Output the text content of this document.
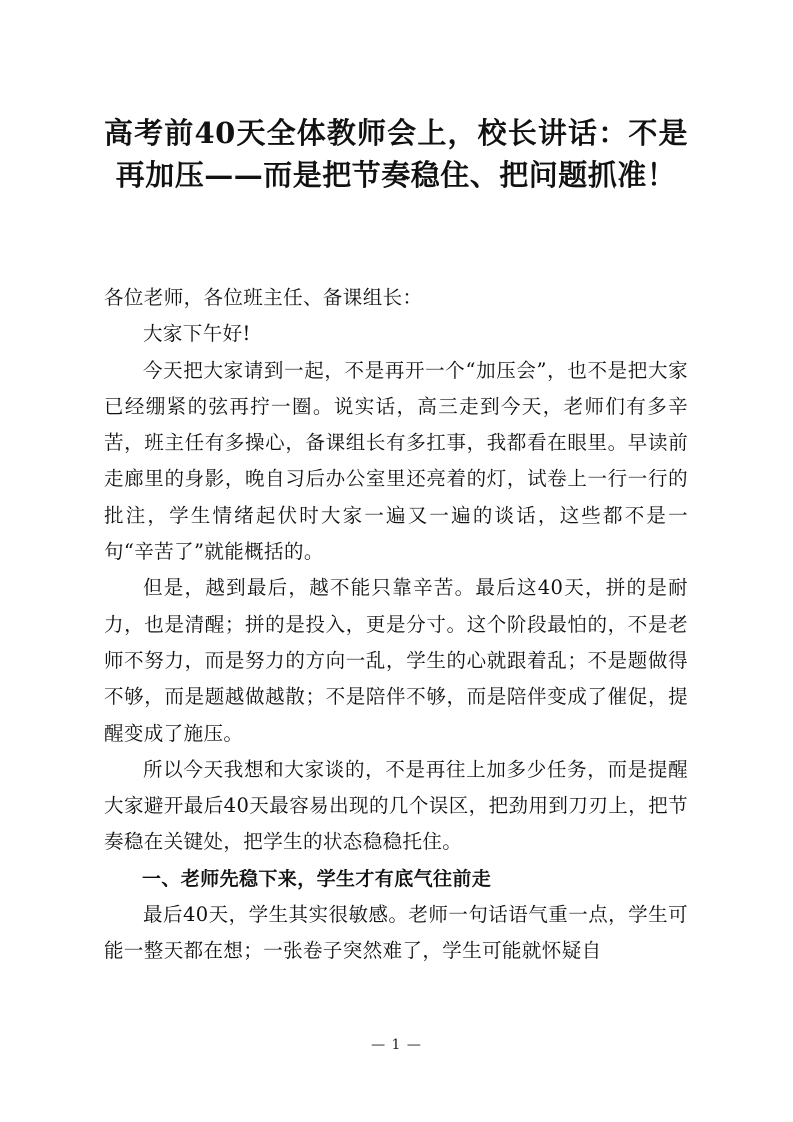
高考前40天全体教师会上，校长讲话：不是再加压——而是把节奏稳住、把问题抓准！

各位老师，各位班主任、备课组长：

大家下午好!

今天把大家请到一起，不是再开一个“加压会”，也不是把大家已经绷紧的弦再拧一圈。说实话，高三走到今天，老师们有多辛苦，班主任有多操心，备课组长有多扛事，我都看在眼里。早读前走廊里的身影，晚自习后办公室里还亮着的灯，试卷上一行一行的批注，学生情绪起伏时大家一遍又一遍的谈话，这些都不是一句“辛苦了”就能概括的。

但是，越到最后，越不能只靠辛苦。最后这40天，拼的是耐力，也是清醒；拼的是投入，更是分寸。这个阶段最怕的，不是老师不努力，而是努力的方向一乱，学生的心就跟着乱；不是题做得不够，而是题越做越散；不是陪伴不够，而是陪伴变成了催促，提醒变成了施压。

所以今天我想和大家谈的，不是再往上加多少任务，而是提醒大家避开最后40天最容易出现的几个误区，把劲用到刀刃上，把节奏稳在关键处，把学生的状态稳稳托住。

一、老师先稳下来，学生才有底气往前走

最后40天，学生其实很敏感。老师一句话语气重一点，学生可能一整天都在想；一张卷子突然难了，学生可能就怀疑自

— 1 —
